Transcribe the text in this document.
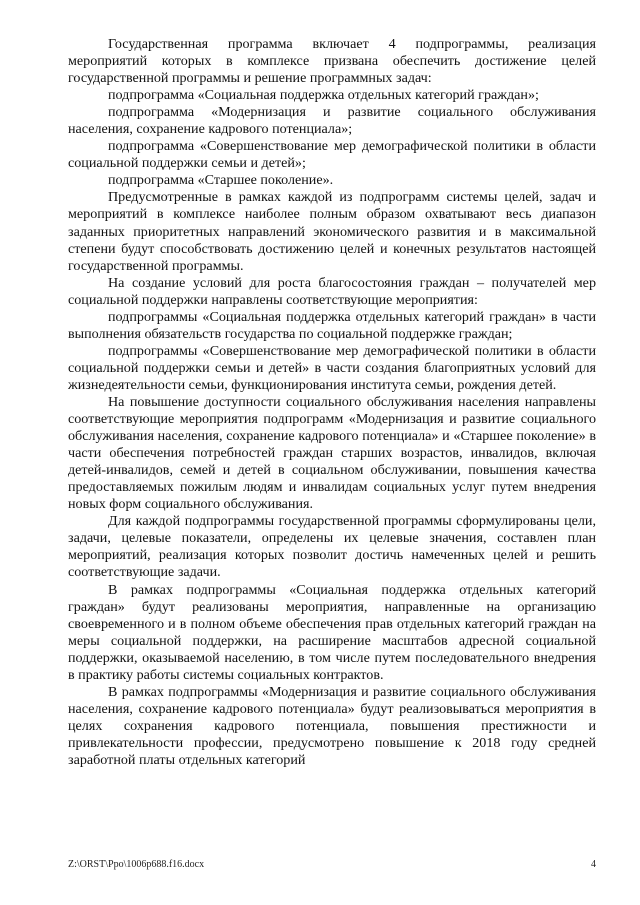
Государственная программа включает 4 подпрограммы, реализация мероприятий которых в комплексе призвана обеспечить достижение целей государственной программы и решение программных задач:

подпрограмма «Социальная поддержка отдельных категорий граждан»;

подпрограмма «Модернизация и развитие социального обслуживания населения, сохранение кадрового потенциала»;

подпрограмма «Совершенствование мер демографической политики в области социальной поддержки семьи и детей»;

подпрограмма «Старшее поколение».

Предусмотренные в рамках каждой из подпрограмм системы целей, задач и мероприятий в комплексе наиболее полным образом охватывают весь диапазон заданных приоритетных направлений экономического развития и в максимальной степени будут способствовать достижению целей и конечных результатов настоящей государственной программы.

На создание условий для роста благосостояния граждан – получателей мер социальной поддержки направлены соответствующие мероприятия:

подпрограммы «Социальная поддержка отдельных категорий граждан» в части выполнения обязательств государства по социальной поддержке граждан;

подпрограммы «Совершенствование мер демографической политики в области социальной поддержки семьи и детей» в части создания благоприятных условий для жизнедеятельности семьи, функционирования института семьи, рождения детей.

На повышение доступности социального обслуживания населения направлены соответствующие мероприятия подпрограмм «Модернизация и развитие социального обслуживания населения, сохранение кадрового потенциала» и «Старшее поколение» в части обеспечения потребностей граждан старших возрастов, инвалидов, включая детей-инвалидов, семей и детей в социальном обслуживании, повышения качества предоставляемых пожилым людям и инвалидам социальных услуг путем внедрения новых форм социального обслуживания.

Для каждой подпрограммы государственной программы сформулированы цели, задачи, целевые показатели, определены их целевые значения, составлен план мероприятий, реализация которых позволит достичь намеченных целей и решить соответствующие задачи.

В рамках подпрограммы «Социальная поддержка отдельных категорий граждан» будут реализованы мероприятия, направленные на организацию своевременного и в полном объеме обеспечения прав отдельных категорий граждан на меры социальной поддержки, на расширение масштабов адресной социальной поддержки, оказываемой населению, в том числе путем последовательного внедрения в практику работы системы социальных контрактов.

В рамках подпрограммы «Модернизация и развитие социального обслуживания населения, сохранение кадрового потенциала» будут реализовываться мероприятия в целях сохранения кадрового потенциала, повышения престижности и привлекательности профессии, предусмотрено повышение к 2018 году средней заработной платы отдельных категорий

Z:\ORST\Ppo\1006p688.f16.docx	4
